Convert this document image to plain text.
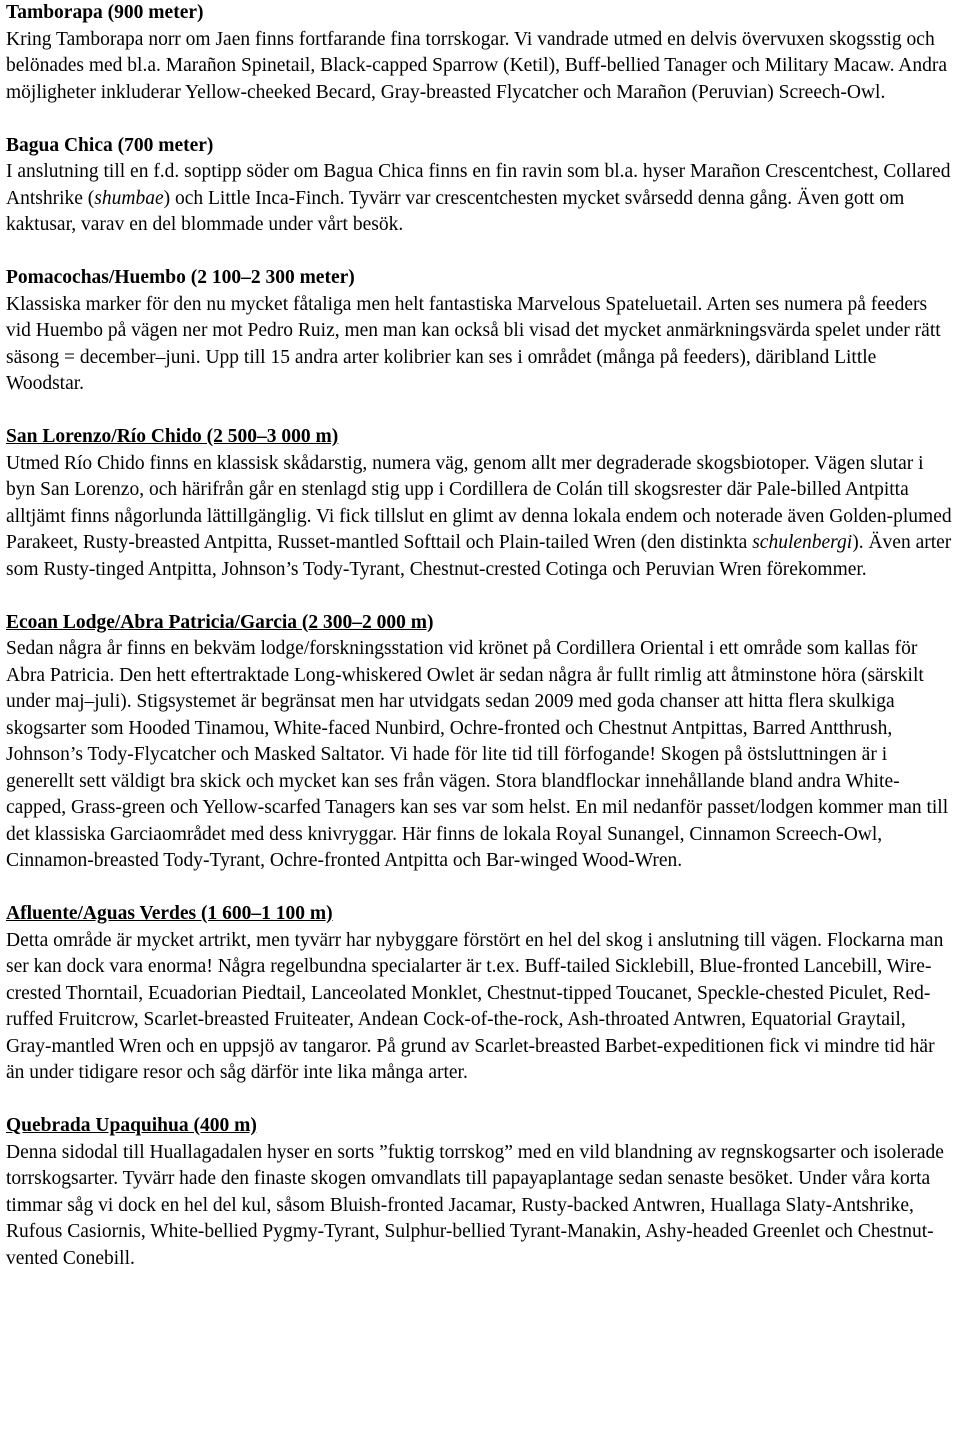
Tamborapa (900 meter)
Kring Tamborapa norr om Jaen finns fortfarande fina torrskogar. Vi vandrade utmed en delvis övervuxen skogsstig och belönades med bl.a. Marañon Spinetail, Black-capped Sparrow (Ketil), Buff-bellied Tanager och Military Macaw. Andra möjligheter inkluderar Yellow-cheeked Becard, Gray-breasted Flycatcher och Marañon (Peruvian) Screech-Owl.
Bagua Chica (700 meter)
I anslutning till en f.d. soptipp söder om Bagua Chica finns en fin ravin som bl.a. hyser Marañon Crescentchest, Collared Antshrike (shumbae) och Little Inca-Finch. Tyvärr var crescentchesten mycket svårsedd denna gång. Även gott om kaktusar, varav en del blommade under vårt besök.
Pomacochas/Huembo (2 100–2 300 meter)
Klassiska marker för den nu mycket fåtaliga men helt fantastiska Marvelous Spateluetail. Arten ses numera på feeders vid Huembo på vägen ner mot Pedro Ruiz, men man kan också bli visad det mycket anmärkningsvärda spelet under rätt säsong = december–juni. Upp till 15 andra arter kolibrier kan ses i området (många på feeders), däribland Little Woodstar.
San Lorenzo/Río Chido (2 500–3 000 m)
Utmed Río Chido finns en klassisk skådarstig, numera väg, genom allt mer degraderade skogsbiotoper. Vägen slutar i byn San Lorenzo, och härifrån går en stenlagd stig upp i Cordillera de Colán till skogsrester där Pale-billed Antpitta alltjämt finns någorlunda lättillgänglig. Vi fick tillslut en glimt av denna lokala endem och noterade även Golden-plumed Parakeet, Rusty-breasted Antpitta, Russet-mantled Softtail och Plain-tailed Wren (den distinkta schulenbergi). Även arter som Rusty-tinged Antpitta, Johnson’s Tody-Tyrant, Chestnut-crested Cotinga och Peruvian Wren förekommer.
Ecoan Lodge/Abra Patricia/Garcia (2 300–2 000 m)
Sedan några år finns en bekväm lodge/forskningsstation vid krönet på Cordillera Oriental i ett område som kallas för Abra Patricia. Den hett eftertraktade Long-whiskered Owlet är sedan några år fullt rimlig att åtminstone höra (särskilt under maj–juli). Stigsystemet är begränsat men har utvidgats sedan 2009 med goda chanser att hitta flera skulkiga skogsarter som Hooded Tinamou, White-faced Nunbird, Ochre-fronted och Chestnut Antpittas, Barred Antthrush, Johnson’s Tody-Flycatcher och Masked Saltator. Vi hade för lite tid till förfogande! Skogen på östsluttningen är i generellt sett väldigt bra skick och mycket kan ses från vägen. Stora blandflockar innehållande bland andra White-capped, Grass-green och Yellow-scarfed Tanagers kan ses var som helst. En mil nedanför passet/lodgen kommer man till det klassiska Garciaområdet med dess knivryggar. Här finns de lokala Royal Sunangel, Cinnamon Screech-Owl, Cinnamon-breasted Tody-Tyrant, Ochre-fronted Antpitta och Bar-winged Wood-Wren.
Afluente/Aguas Verdes (1 600–1 100 m)
Detta område är mycket artrikt, men tyvärr har nybyggare förstört en hel del skog i anslutning till vägen. Flockarna man ser kan dock vara enorma! Några regelbundna specialarter är t.ex. Buff-tailed Sicklebill, Blue-fronted Lancebill, Wire-crested Thorntail, Ecuadorian Piedtail, Lanceolated Monklet, Chestnut-tipped Toucanet, Speckle-chested Piculet, Red-ruffed Fruitcrow, Scarlet-breasted Fruiteater, Andean Cock-of-the-rock, Ash-throated Antwren, Equatorial Graytail, Gray-mantled Wren och en uppsjö av tangaror. På grund av Scarlet-breasted Barbet-expeditionen fick vi mindre tid här än under tidigare resor och såg därför inte lika många arter.
Quebrada Upaquihua (400 m)
Denna sidodal till Huallagadalen hyser en sorts ”fuktig torrskog” med en vild blandning av regnskogsarter och isolerade torrskogsarter. Tyvärr hade den finaste skogen omvandlats till papayaplantage sedan senaste besöket. Under våra korta timmar såg vi dock en hel del kul, såsom Bluish-fronted Jacamar, Rusty-backed Antwren, Huallaga Slaty-Antshrike, Rufous Casiornis, White-bellied Pygmy-Tyrant, Sulphur-bellied Tyrant-Manakin, Ashy-headed Greenlet och Chestnut-vented Conebill.
